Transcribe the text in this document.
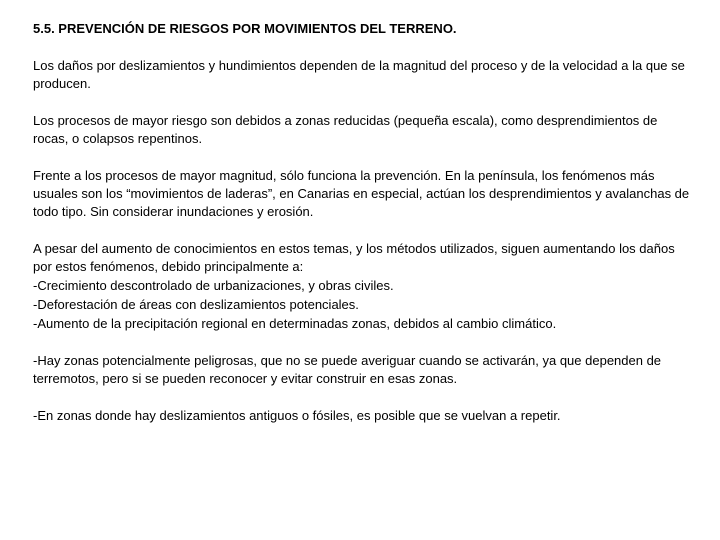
5.5. PREVENCIÓN DE RIESGOS POR MOVIMIENTOS DEL TERRENO.
Los daños por deslizamientos y hundimientos dependen de la magnitud del proceso y de la velocidad a la que se producen.
Los procesos de mayor riesgo son debidos a zonas reducidas (pequeña escala), como desprendimientos de rocas, o colapsos repentinos.
Frente a los procesos de mayor magnitud, sólo funciona la prevención. En la península, los fenómenos más usuales son los “movimientos de laderas”, en Canarias en especial, actúan los desprendimientos y avalanchas de todo tipo. Sin considerar inundaciones y erosión.
A pesar del aumento de conocimientos en estos temas, y los métodos utilizados, siguen aumentando los daños por estos fenómenos, debido principalmente a:
-Crecimiento descontrolado de urbanizaciones, y obras civiles.
-Deforestación de áreas con deslizamientos potenciales.
-Aumento de la precipitación regional en determinadas zonas, debidos al cambio climático.
-Hay zonas potencialmente peligrosas, que no se puede averiguar cuando se activarán, ya que dependen de terremotos, pero si se pueden reconocer y evitar construir en esas zonas.
-En zonas donde hay deslizamientos antiguos o fósiles, es posible que se vuelvan a repetir.
